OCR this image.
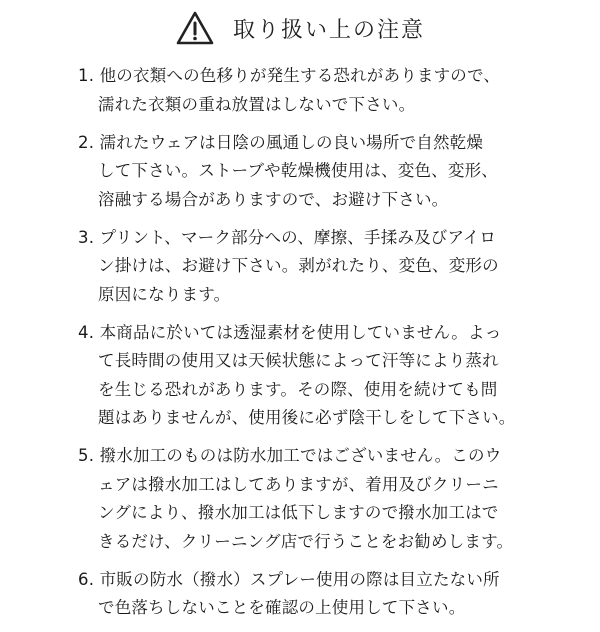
取り扱い上の注意
1. 他の衣類への色移りが発生する恐れがありますので、
濡れた衣類の重ね放置はしないで下さい。
2. 濡れたウェアは日陰の風通しの良い場所で自然乾燥
して下さい。ストーブや乾燥機使用は、変色、変形、
溶融する場合がありますので、お避け下さい。
3. プリント、マーク部分への、摩擦、手揉み及びアイロ
ン掛けは、お避け下さい。剥がれたり、変色、変形の
原因になります。
4. 本商品に於いては透湿素材を使用していません。よっ
て長時間の使用又は天候状態によって汗等により蒸れ
を生じる恐れがあります。その際、使用を続けても問
題はありませんが、使用後に必ず陰干しをして下さい。
5. 撥水加工のものは防水加工ではございません。このウ
ェアは撥水加工はしてありますが、着用及びクリーニ
ングにより、撥水加工は低下しますので撥水加工はで
きるだけ、クリーニング店で行うことをお勧めします。
6. 市販の防水（撥水）スプレー使用の際は目立たない所
で色落ちしないことを確認の上使用して下さい。
